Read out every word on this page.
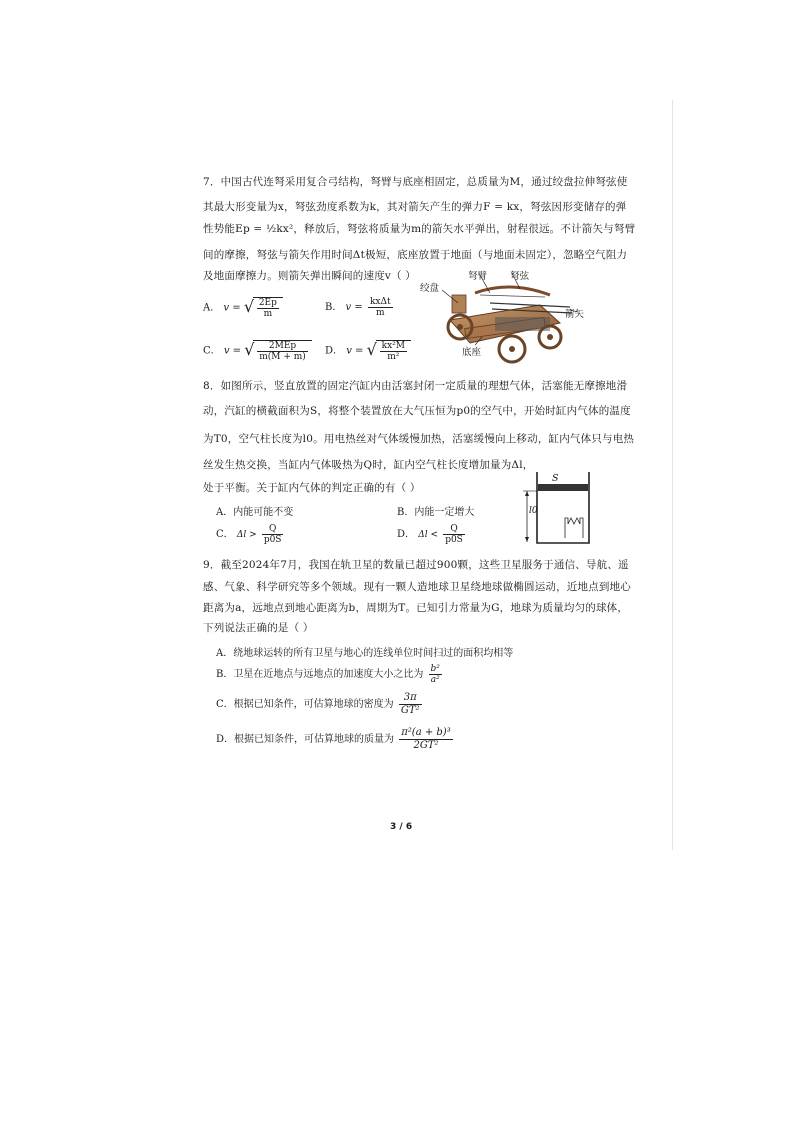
7．中国古代连弩采用复合弓结构，弩臂与底座相固定，总质量为M，通过绞盘拉伸弩弦使
其最大形变量为x，弩弦劲度系数为k，其对箭矢产生的弹力F = kx，弩弦因形变储存的弹
性势能Ep = ½kx²，释放后，弩弦将质量为m的箭矢水平弹出，射程很远。不计箭矢与弩臂
间的摩擦，弩弦与箭矢作用时间Δt极短，底座放置于地面（与地面未固定），忽略空气阻力
及地面摩擦力。则箭矢弹出瞬间的速度v（ ）
A． v = √ $\frac{2Ep}{m}$	B． $v = \frac{\text{kxΔt}}{m}$
C． v = √ $\frac{\text{2MEp}}{m(M + m)}$ D． v = √ $\frac{\text{kx²M}}{\text{m²}}$
弩臂 弩弦
绞盘
箭矢
底座
8．如图所示，竖直放置的固定汽缸内由活塞封闭一定质量的理想气体，活塞能无摩擦地滑
动，汽缸的横截面积为S，将整个装置放在大气压恒为p0的空气中，开始时缸内气体的温度
为T0，空气柱长度为l0。用电热丝对气体缓慢加热，活塞缓慢向上移动，缸内气体只与电热
丝发生热交换，当缸内气体吸热为Q时，缸内空气柱长度增加量为Δl，
处于平衡。关于缸内气体的判定正确的有（ ）
A．内能可能不变	B．内能一定增大
C． $\Delta l > \frac{Q}{p0S}$	D． $\Delta l < \frac{Q}{p0S}$
S
l0
9．截至2024年7月，我国在轨卫星的数量已超过900颗，这些卫星服务于通信、导航、遥
感、气象、科学研究等多个领域。现有一颗人造地球卫星绕地球做椭圆运动，近地点到地心
距离为a，远地点到地心距离为b，周期为T。已知引力常量为G，地球为质量均匀的球体，
下列说法正确的是（ ）
A．绕地球运转的所有卫星与地心的连线单位时间扫过的面积均相等
B．卫星在近地点与远地点的加速度大小之比为 $\frac{\text{b²}}{\text{a²}}$
C．根据已知条件，可估算地球的密度为 $\frac{3\pi}{\text{GT²}}$
D．根据已知条件，可估算地球的质量为 $\frac{\text{π²(a + b)³}}{\text{2GT²}}$
3 / 6
